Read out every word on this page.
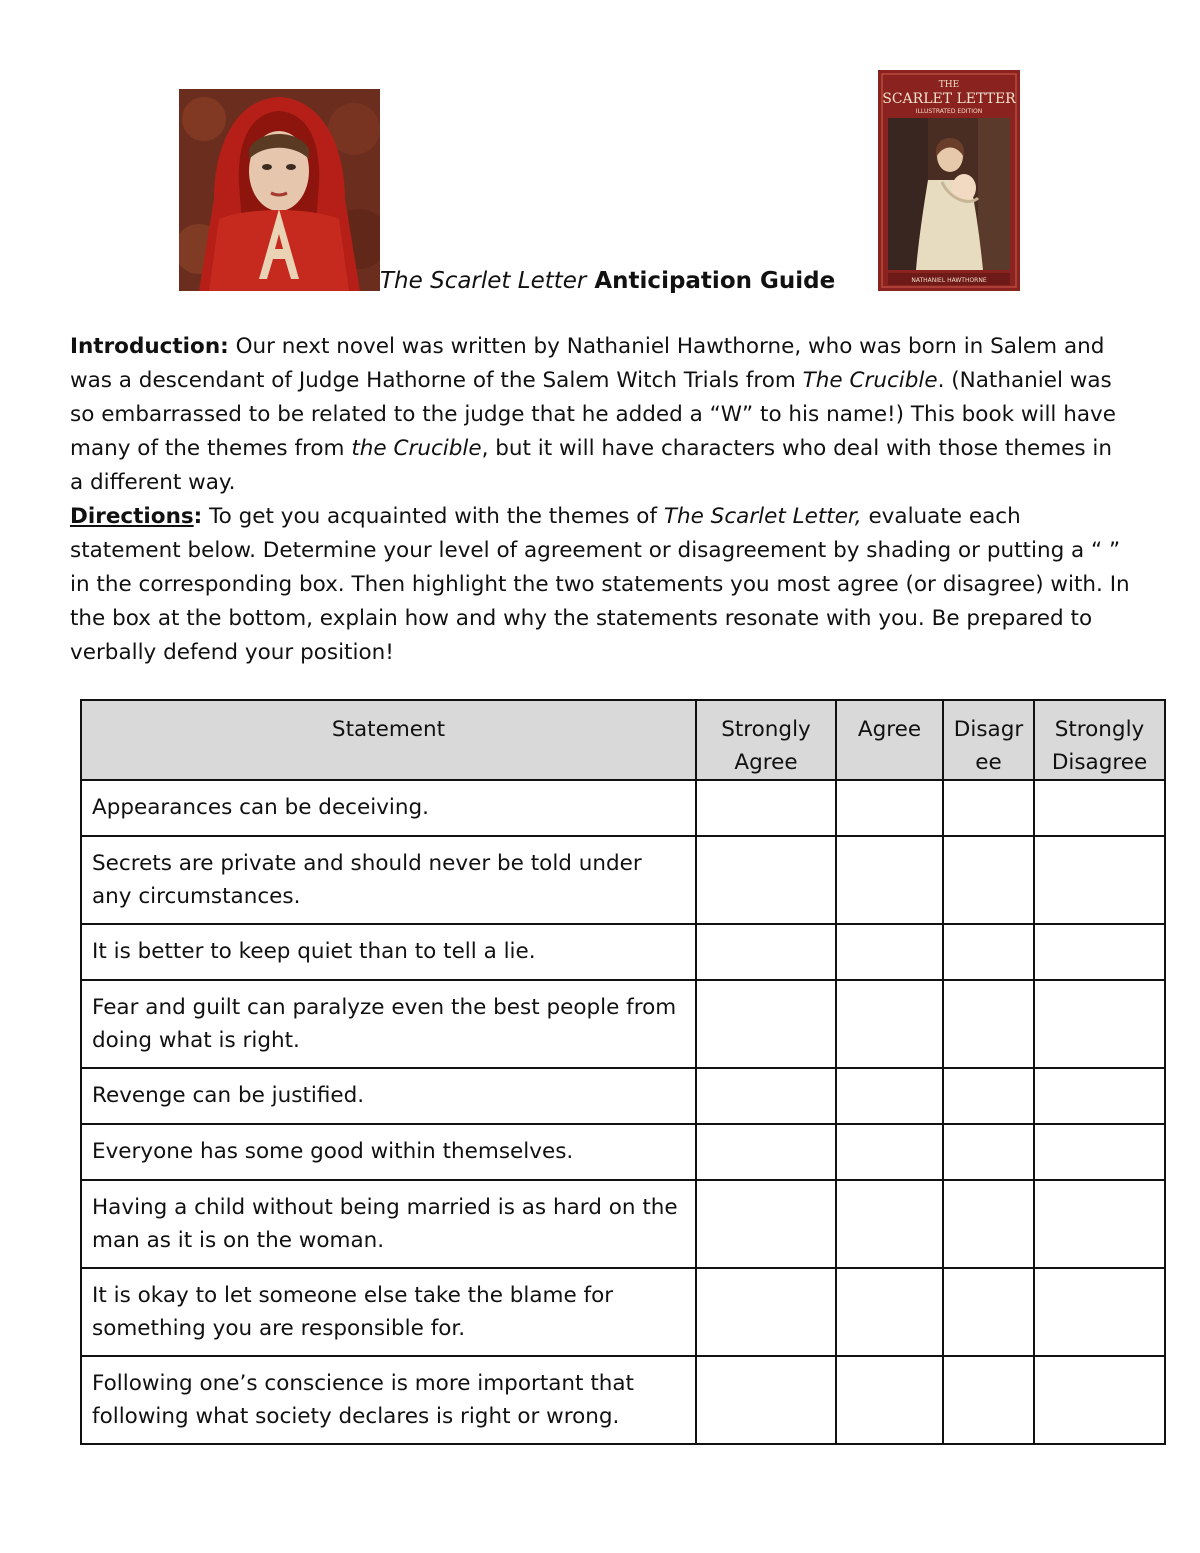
The Scarlet Letter Anticipation Guide
THE
SCARLET LETTER
ILLUSTRATED EDITION
NATHANIEL HAWTHORNE

Introduction: Our next novel was written by Nathaniel Hawthorne, who was born in Salem and was a descendant of Judge Hathorne of the Salem Witch Trials from The Crucible. (Nathaniel was so embarrassed to be related to the judge that he added a “W” to his name!) This book will have many of the themes from the Crucible, but it will have characters who deal with those themes in a different way.

Directions: To get you acquainted with the themes of The Scarlet Letter, evaluate each statement below. Determine your level of agreement or disagreement by shading or putting a “ ” in the corresponding box. Then highlight the two statements you most agree (or disagree) with. In the box at the bottom, explain how and why the statements resonate with you. Be prepared to verbally defend your position!

Statement	Strongly Agree	Agree	Disagr ee	Strongly Disagree
Appearances can be deceiving.				
Secrets are private and should never be told under any circumstances.				
It is better to keep quiet than to tell a lie.				
Fear and guilt can paralyze even the best people from doing what is right.				
Revenge can be justified.				
Everyone has some good within themselves.				
Having a child without being married is as hard on the man as it is on the woman.				
It is okay to let someone else take the blame for something you are responsible for.				
Following one’s conscience is more important that following what society declares is right or wrong.				
